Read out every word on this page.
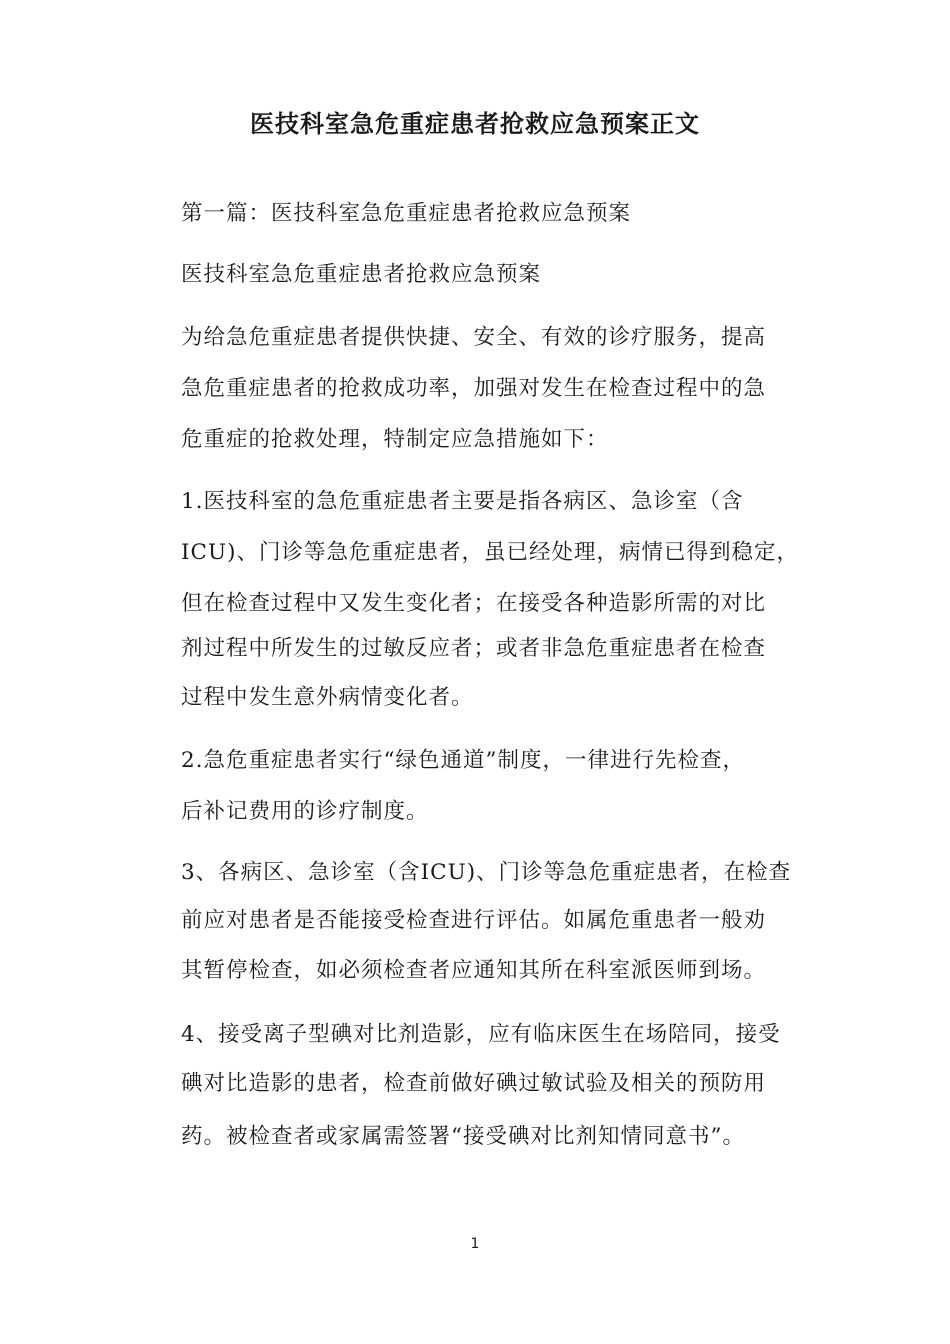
医技科室急危重症患者抢救应急预案正文
第一篇：医技科室急危重症患者抢救应急预案
医技科室急危重症患者抢救应急预案
为给急危重症患者提供快捷、安全、有效的诊疗服务，提高
急危重症患者的抢救成功率，加强对发生在检查过程中的急
危重症的抢救处理，特制定应急措施如下：
1.医技科室的急危重症患者主要是指各病区、急诊室（含
ICU)、门诊等急危重症患者，虽已经处理，病情已得到稳定，
但在检查过程中又发生变化者；在接受各种造影所需的对比
剂过程中所发生的过敏反应者；或者非急危重症患者在检查
过程中发生意外病情变化者。
2.急危重症患者实行“绿色通道”制度，一律进行先检查，
后补记费用的诊疗制度。
3、各病区、急诊室（含ICU)、门诊等急危重症患者，在检查
前应对患者是否能接受检查进行评估。如属危重患者一般劝
其暂停检查，如必须检查者应通知其所在科室派医师到场。
4、接受离子型碘对比剂造影，应有临床医生在场陪同，接受
碘对比造影的患者，检查前做好碘过敏试验及相关的预防用
药。被检查者或家属需签署“接受碘对比剂知情同意书”。
1
